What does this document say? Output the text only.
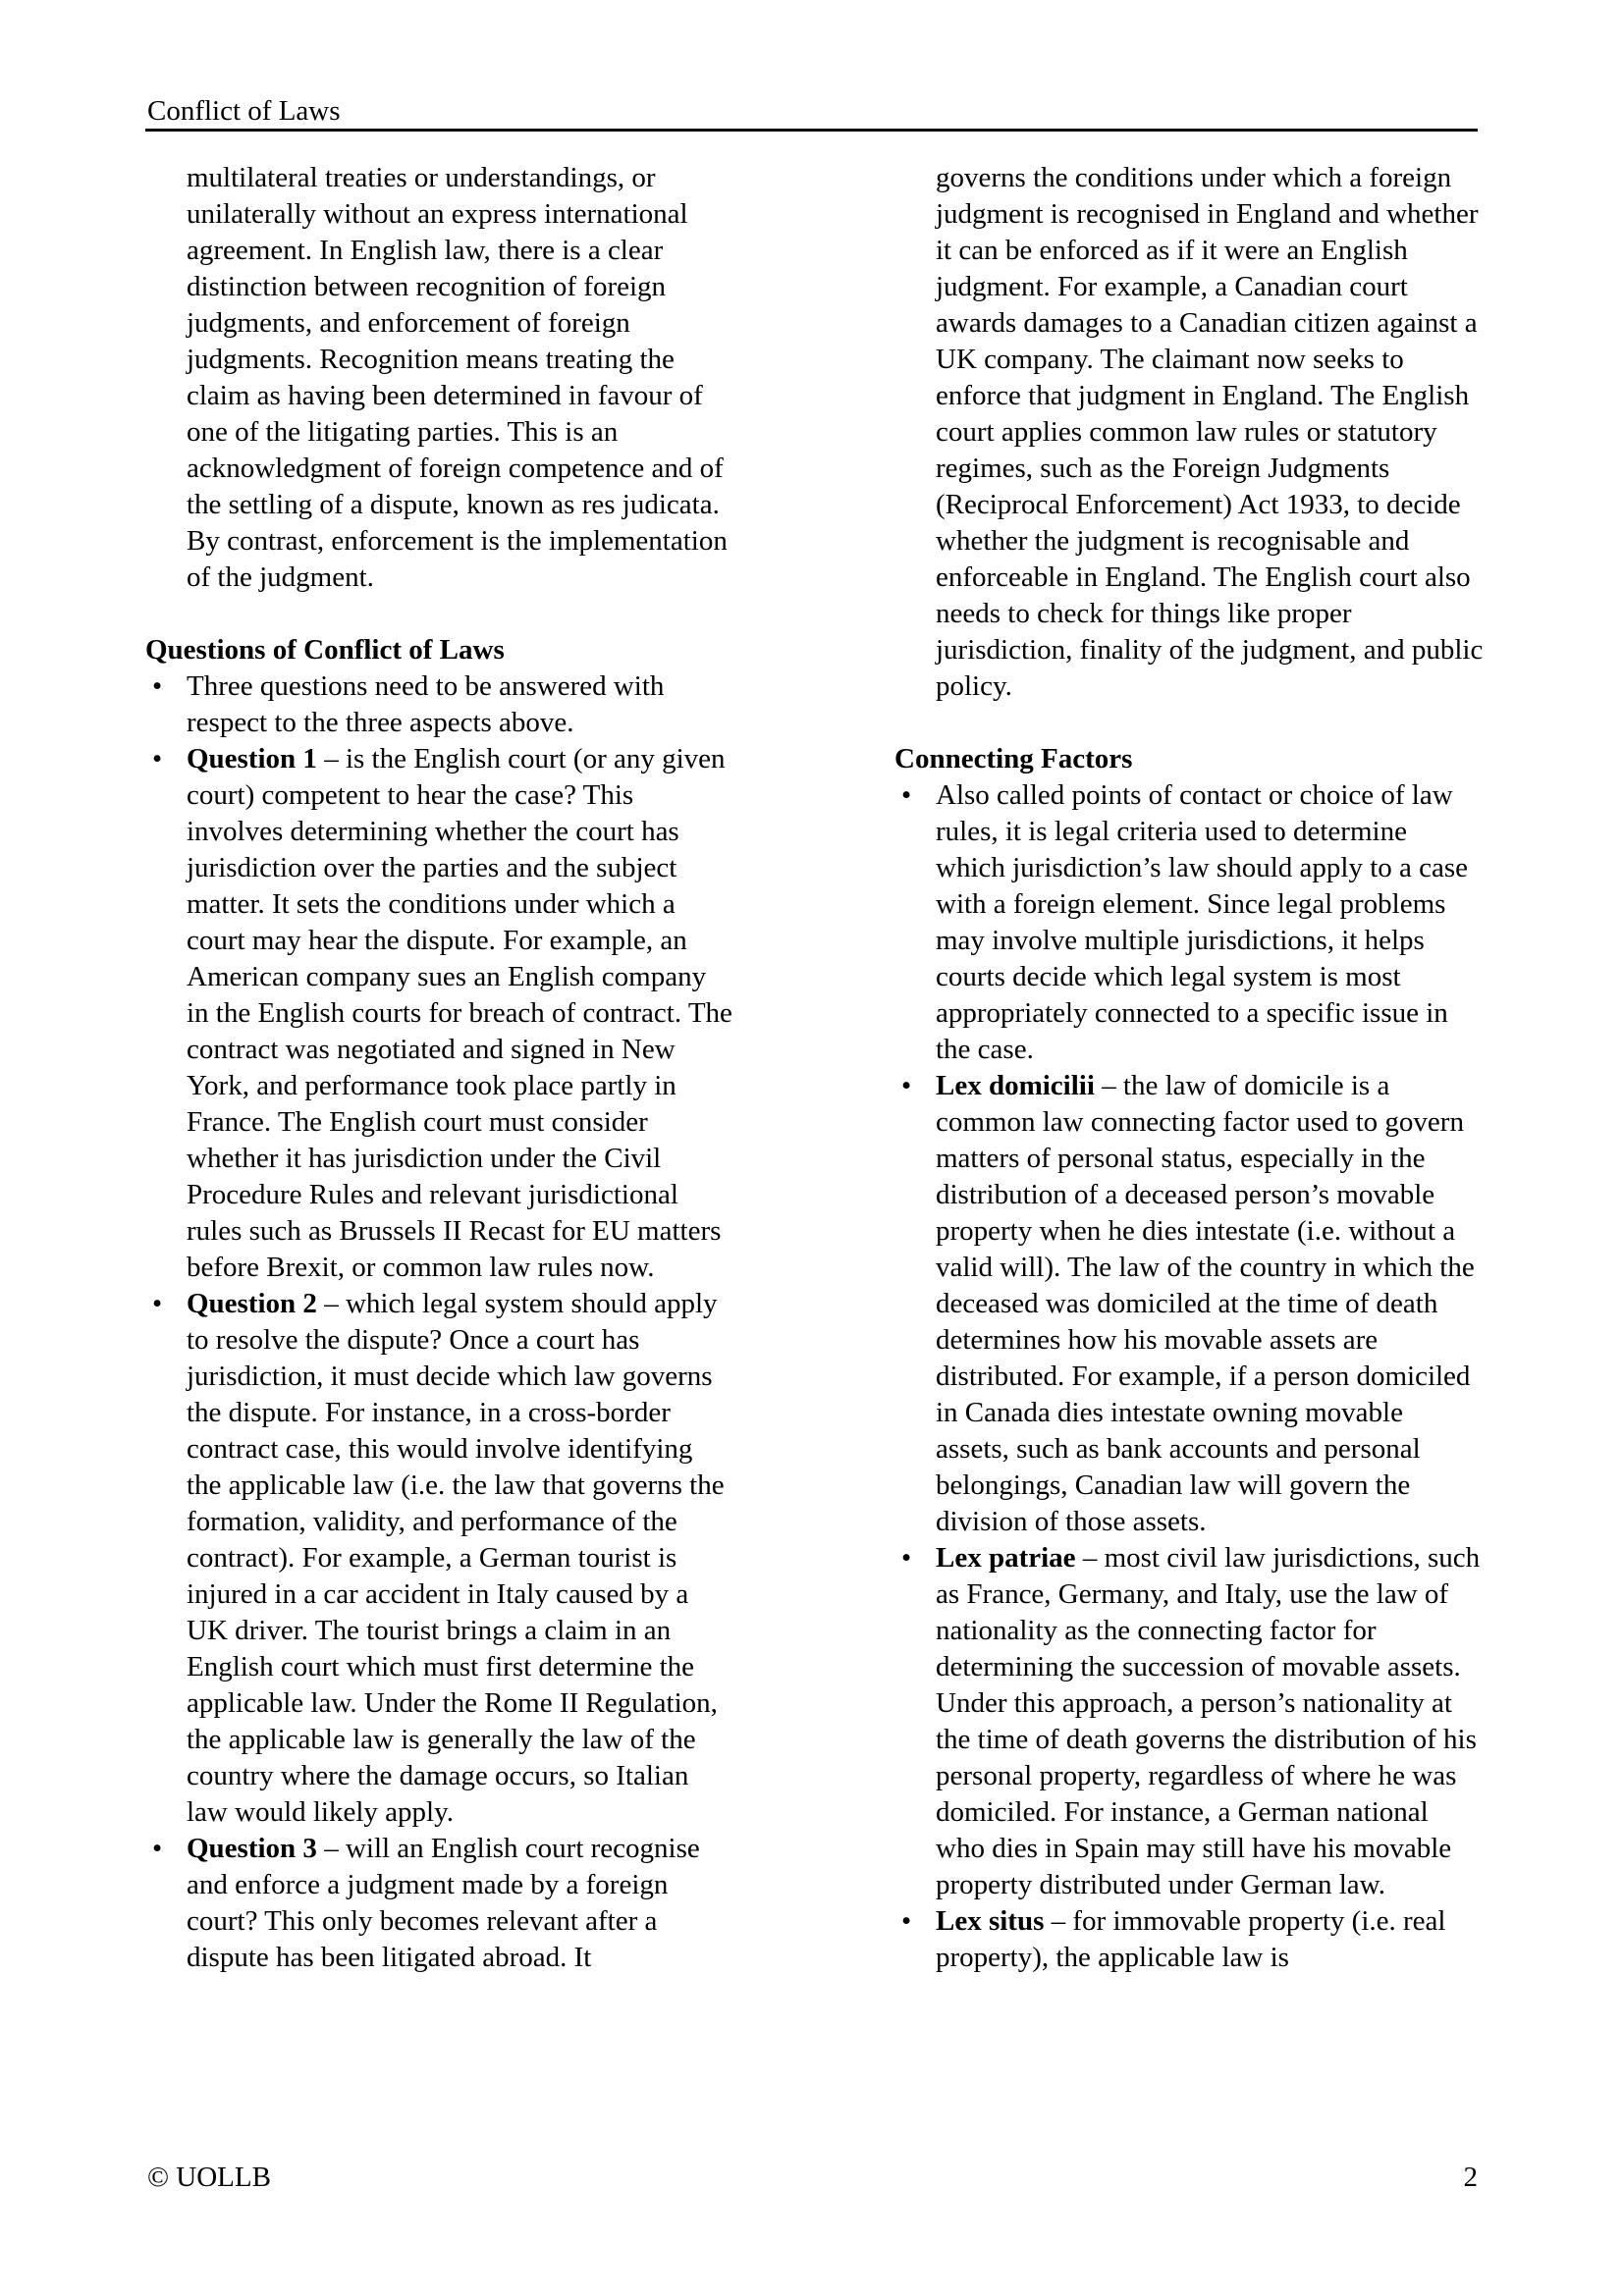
Conflict of Laws

multilateral treaties or understandings, or unilaterally without an express international agreement. In English law, there is a clear distinction between recognition of foreign judgments, and enforcement of foreign judgments. Recognition means treating the claim as having been determined in favour of one of the litigating parties. This is an acknowledgment of foreign competence and of the settling of a dispute, known as res judicata. By contrast, enforcement is the implementation of the judgment.

Questions of Conflict of Laws
• Three questions need to be answered with respect to the three aspects above.
• Question 1 – is the English court (or any given court) competent to hear the case? This involves determining whether the court has jurisdiction over the parties and the subject matter. It sets the conditions under which a court may hear the dispute. For example, an American company sues an English company in the English courts for breach of contract. The contract was negotiated and signed in New York, and performance took place partly in France. The English court must consider whether it has jurisdiction under the Civil Procedure Rules and relevant jurisdictional rules such as Brussels II Recast for EU matters before Brexit, or common law rules now.
• Question 2 – which legal system should apply to resolve the dispute? Once a court has jurisdiction, it must decide which law governs the dispute. For instance, in a cross-border contract case, this would involve identifying the applicable law (i.e. the law that governs the formation, validity, and performance of the contract). For example, a German tourist is injured in a car accident in Italy caused by a UK driver. The tourist brings a claim in an English court which must first determine the applicable law. Under the Rome II Regulation, the applicable law is generally the law of the country where the damage occurs, so Italian law would likely apply.
• Question 3 – will an English court recognise and enforce a judgment made by a foreign court? This only becomes relevant after a dispute has been litigated abroad. It

governs the conditions under which a foreign judgment is recognised in England and whether it can be enforced as if it were an English judgment. For example, a Canadian court awards damages to a Canadian citizen against a UK company. The claimant now seeks to enforce that judgment in England. The English court applies common law rules or statutory regimes, such as the Foreign Judgments (Reciprocal Enforcement) Act 1933, to decide whether the judgment is recognisable and enforceable in England. The English court also needs to check for things like proper jurisdiction, finality of the judgment, and public policy.

Connecting Factors
• Also called points of contact or choice of law rules, it is legal criteria used to determine which jurisdiction’s law should apply to a case with a foreign element. Since legal problems may involve multiple jurisdictions, it helps courts decide which legal system is most appropriately connected to a specific issue in the case.
• Lex domicilii – the law of domicile is a common law connecting factor used to govern matters of personal status, especially in the distribution of a deceased person’s movable property when he dies intestate (i.e. without a valid will). The law of the country in which the deceased was domiciled at the time of death determines how his movable assets are distributed. For example, if a person domiciled in Canada dies intestate owning movable assets, such as bank accounts and personal belongings, Canadian law will govern the division of those assets.
• Lex patriae – most civil law jurisdictions, such as France, Germany, and Italy, use the law of nationality as the connecting factor for determining the succession of movable assets. Under this approach, a person’s nationality at the time of death governs the distribution of his personal property, regardless of where he was domiciled. For instance, a German national who dies in Spain may still have his movable property distributed under German law.
• Lex situs – for immovable property (i.e. real property), the applicable law is
© UOLLB	2
